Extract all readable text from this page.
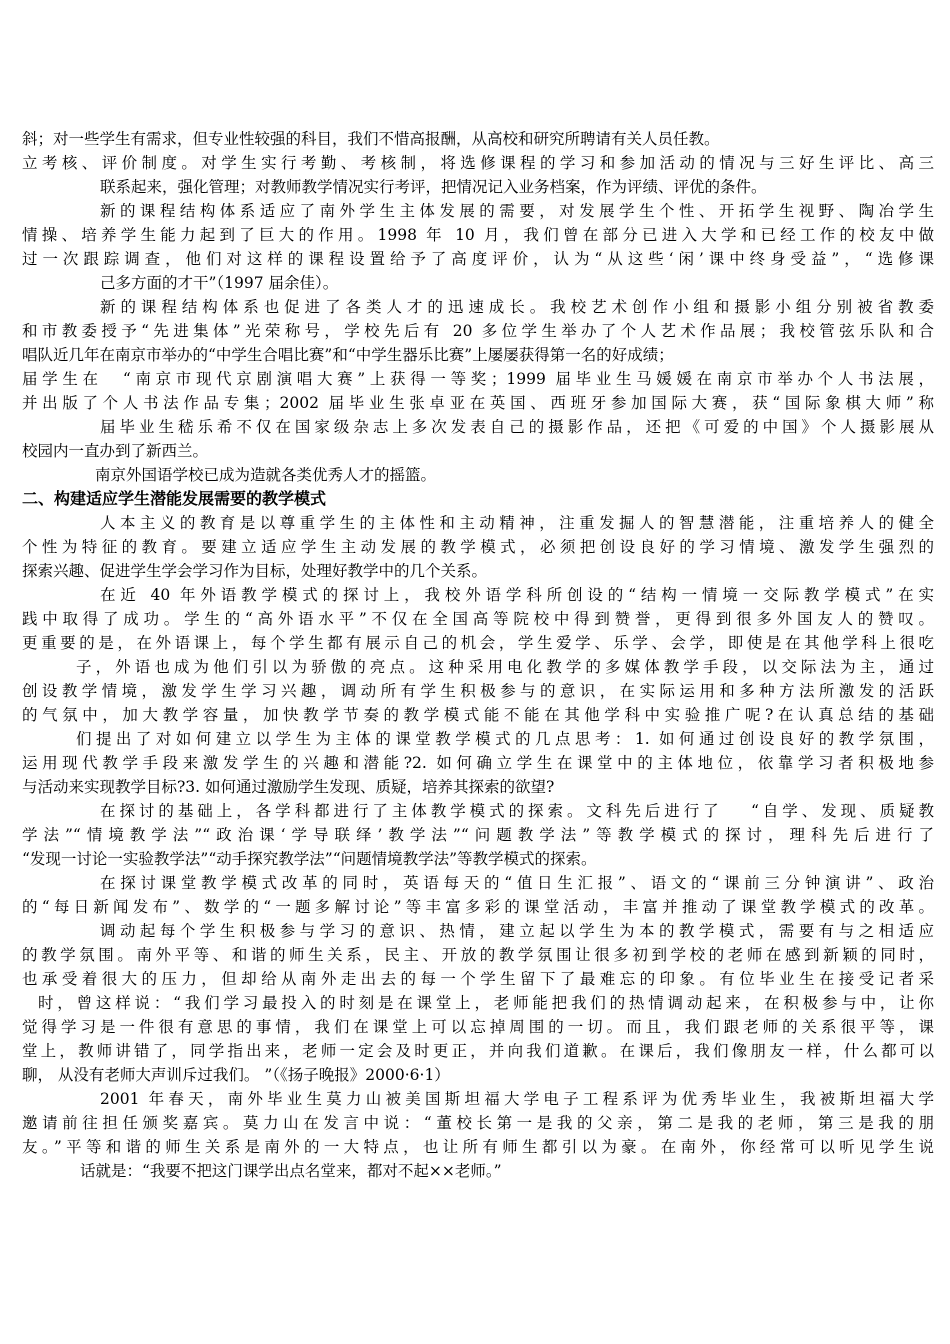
斜；对一些学生有需求，但专业性较强的科目，我们不惜高报酬，从高校和研究所聘请有关人员任教。
立考核、评价制度。对学生实行考勤、考核制，将选修课程的学习和参加活动的情况与三好生评比、高三
联系起来，强化管理；对教师教学情况实行考评，把情况记入业务档案，作为评绩、评优的条件。
新的课程结构体系适应了南外学生主体发展的需要，对发展学生个性、开拓学生视野、陶冶学生
情操、培养学生能力起到了巨大的作用。1998 年 10 月，我们曾在部分已进入大学和已经工作的校友中做
过一次跟踪调查，他们对这样的课程设置给予了高度评价，认为“从这些‘闲’课中终身受益”，“选修课
己多方面的才干”（1997 届余佳）。
新的课程结构体系也促进了各类人才的迅速成长。我校艺术创作小组和摄影小组分别被省教委
和市教委授予“先进集体”光荣称号，学校先后有 20 多位学生举办了个人艺术作品展；我校管弦乐队和合
唱队近几年在南京市举办的“中学生合唱比赛”和“中学生器乐比赛”上屡屡获得第一名的好成绩；
届学生在　“南京市现代京剧演唱大赛”上获得一等奖；1999 届毕业生马媛媛在南京市举办个人书法展，
并出版了个人书法作品专集；2002 届毕业生张卓亚在英国、西班牙参加国际大赛，获“国际象棋大师”称
届毕业生嵇乐希不仅在国家级杂志上多次发表自己的摄影作品，还把《可爱的中国》个人摄影展从
校园内一直办到了新西兰。
南京外国语学校已成为造就各类优秀人才的摇篮。
二、构建适应学生潜能发展需要的教学模式
人本主义的教育是以尊重学生的主体性和主动精神，注重发掘人的智慧潜能，注重培养人的健全
个性为特征的教育。要建立适应学生主动发展的教学模式，必须把创设良好的学习情境、激发学生强烈的
探索兴趣、促进学生学会学习作为目标，处理好教学中的几个关系。
在近 40 年外语教学模式的探讨上，我校外语学科所创设的“结构一情境一交际教学模式”在实
践中取得了成功。学生的“高外语水平”不仅在全国高等院校中得到赞誉，更得到很多外国友人的赞叹。
更重要的是，在外语课上，每个学生都有展示自己的机会，学生爱学、乐学、会学，即使是在其他学科上很吃
子，外语也成为他们引以为骄傲的亮点。这种采用电化教学的多媒体教学手段，以交际法为主，通过
创设教学情境，激发学生学习兴趣，调动所有学生积极参与的意识，在实际运用和多种方法所激发的活跃
的气氛中，加大教学容量，加快教学节奏的教学模式能不能在其他学科中实验推广呢?在认真总结的基础
们提出了对如何建立以学生为主体的课堂教学模式的几点思考：1. 如何通过创设良好的教学氛围，
运用现代教学手段来激发学生的兴趣和潜能?2. 如何确立学生在课堂中的主体地位，依靠学习者积极地参
与活动来实现教学目标?3. 如何通过激励学生发现、质疑，培养其探索的欲望?
在探讨的基础上，各学科都进行了主体教学模式的探索。文科先后进行了　 “自学、发现、质疑教
学法”“情境教学法”“政治课‘学导联绎’教学法”“问题教学法”等教学模式的探讨，理科先后进行了
“发现一讨论一实验教学法”“动手探究教学法”“问题情境教学法”等教学模式的探索。
在探讨课堂教学模式改革的同时，英语每天的“值日生汇报”、语文的“课前三分钟演讲”、政治
的“每日新闻发布”、数学的“一题多解讨论”等丰富多彩的课堂活动，丰富并推动了课堂教学模式的改革。
调动起每个学生积极参与学习的意识、热情，建立起以学生为本的教学模式，需要有与之相适应
的教学氛围。南外平等、和谐的师生关系，民主、开放的教学氛围让很多初到学校的老师在感到新颖的同时，
也承受着很大的压力，但却给从南外走出去的每一个学生留下了最难忘的印象。有位毕业生在接受记者采
时，曾这样说：“我们学习最投入的时刻是在课堂上，老师能把我们的热情调动起来，在积极参与中，让你
觉得学习是一件很有意思的事情，我们在课堂上可以忘掉周围的一切。而且，我们跟老师的关系很平等，课
堂上，教师讲错了，同学指出来，老师一定会及时更正，并向我们道歉。在课后，我们像朋友一样，什么都可以
聊， 从没有老师大声训斥过我们。 ”（《扬子晚报》2000·6·1）
2001 年春天，南外毕业生莫力山被美国斯坦福大学电子工程系评为优秀毕业生，我被斯坦福大学
邀请前往担任颁奖嘉宾。莫力山在发言中说：“董校长第一是我的父亲，第二是我的老师，第三是我的朋
友。”平等和谐的师生关系是南外的一大特点，也让所有师生都引以为豪。在南外，你经常可以听见学生说
话就是：“我要不把这门课学出点名堂来，都对不起××老师。”
